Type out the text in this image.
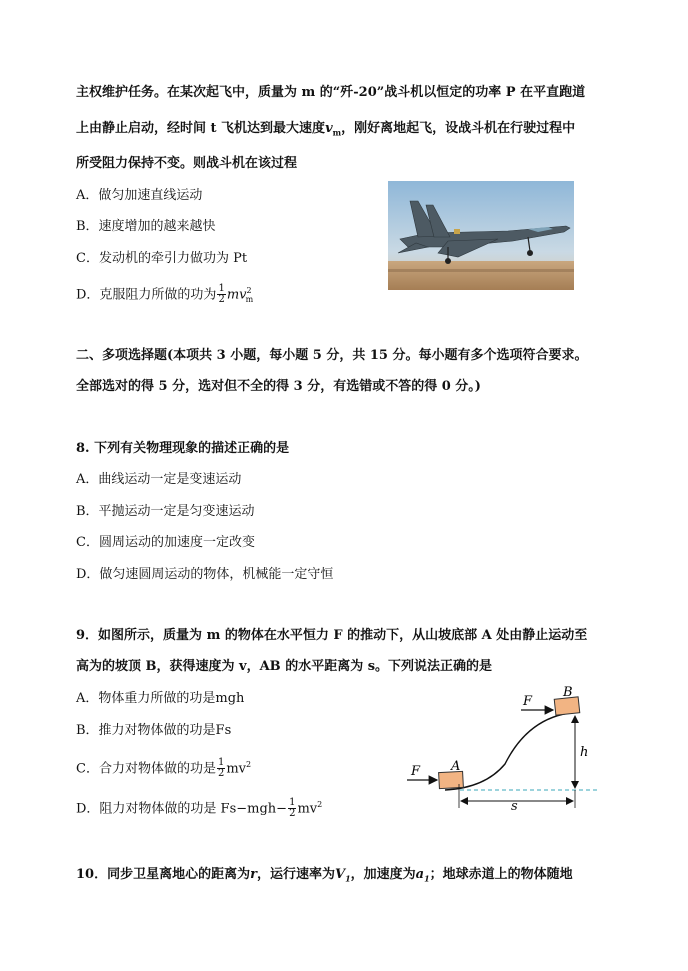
主权维护任务。在某次起飞中，质量为 m 的“歼-20”战斗机以恒定的功率 P 在平直跑道
上由静止启动，经时间 t 飞机达到最大速度$v_m$，刚好离地起飞，设战斗机在行驶过程中
所受阻力保持不变。则战斗机在该过程
A．做匀加速直线运动
B．速度增加的越来越快
C．发动机的牵引力做功为 Pt
D．克服阻力所做的功为 $\frac{1}{2} mv^2_m$
二、多项选择题(本项共 3 小题，每小题 5 分，共 15 分。每小题有多个选项符合要求。
全部选对的得 5 分，选对但不全的得 3 分，有选错或不答的得 0 分。)
8. 下列有关物理现象的描述正确的是
A．曲线运动一定是变速运动
B．平抛运动一定是匀变速运动
C．圆周运动的加速度一定改变
D．做匀速圆周运动的物体，机械能一定守恒
9．如图所示，质量为 m 的物体在水平恒力 F 的推动下，从山坡底部 A 处由静止运动至
高为的坡顶 B，获得速度为 v，AB 的水平距离为 s。下列说法正确的是
A．物体重力所做的功是mgh
B．推力对物体做的功是Fs
C．合力对物体做的功是 $\frac{1}{2} mv^2$
D．阻力对物体做的功是 $Fs-mgh- \frac{1}{2} mv^2$
A
F
B
F
h
s
10．同步卫星离地心的距离为r，运行速率为$V_1$，加速度为$a_1$；地球赤道上的物体随地
